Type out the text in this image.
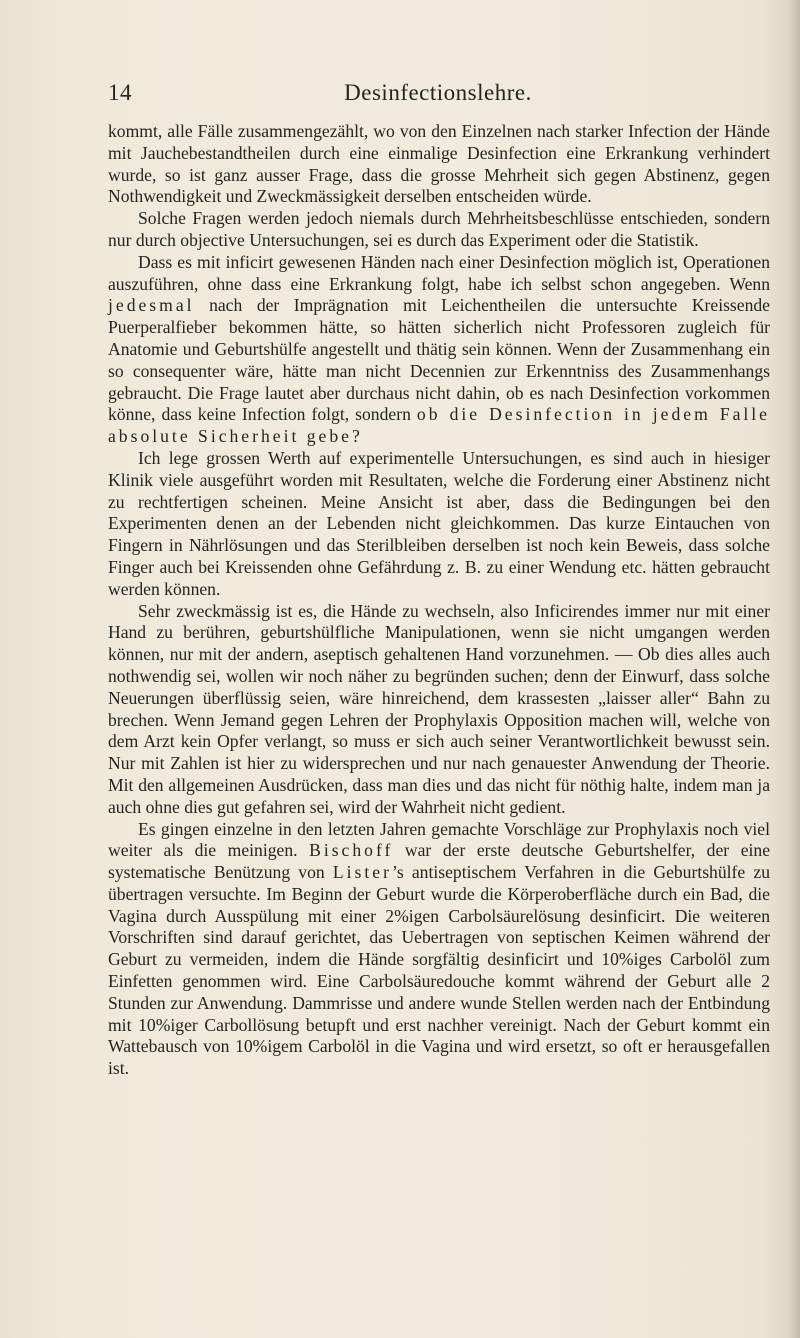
14	Desinfectionslehre.

kommt, alle Fälle zusammengezählt, wo von den Einzelnen nach starker Infection der Hände mit Jauchebestandtheilen durch eine einmalige Desinfection eine Erkrankung verhindert wurde, so ist ganz ausser Frage, dass die grosse Mehrheit sich gegen Abstinenz, gegen Nothwendigkeit und Zweckmässigkeit derselben entscheiden würde.

Solche Fragen werden jedoch niemals durch Mehrheitsbeschlüsse entschieden, sondern nur durch objective Untersuchungen, sei es durch das Experiment oder die Statistik.

Dass es mit inficirt gewesenen Händen nach einer Desinfection möglich ist, Operationen auszuführen, ohne dass eine Erkrankung folgt, habe ich selbst schon angegeben. Wenn jedesmal nach der Imprägnation mit Leichentheilen die untersuchte Kreissende Puerperalfieber bekommen hätte, so hätten sicherlich nicht Professoren zugleich für Anatomie und Geburtshülfe angestellt und thätig sein können. Wenn der Zusammenhang ein so consequenter wäre, hätte man nicht Decennien zur Erkenntniss des Zusammenhangs gebraucht. Die Frage lautet aber durchaus nicht dahin, ob es nach Desinfection vorkommen könne, dass keine Infection folgt, sondern ob die Desinfection in jedem Falle absolute Sicherheit gebe?

Ich lege grossen Werth auf experimentelle Untersuchungen, es sind auch in hiesiger Klinik viele ausgeführt worden mit Resultaten, welche die Forderung einer Abstinenz nicht zu rechtfertigen scheinen. Meine Ansicht ist aber, dass die Bedingungen bei den Experimenten denen an der Lebenden nicht gleichkommen. Das kurze Eintauchen von Fingern in Nährlösungen und das Sterilbleiben derselben ist noch kein Beweis, dass solche Finger auch bei Kreissenden ohne Gefährdung z. B. zu einer Wendung etc. hätten gebraucht werden können.

Sehr zweckmässig ist es, die Hände zu wechseln, also Inficirendes immer nur mit einer Hand zu berühren, geburtshülfliche Manipulationen, wenn sie nicht umgangen werden können, nur mit der andern, aseptisch gehaltenen Hand vorzunehmen. — Ob dies alles auch nothwendig sei, wollen wir noch näher zu begründen suchen; denn der Einwurf, dass solche Neuerungen überflüssig seien, wäre hinreichend, dem krassesten „laisser aller“ Bahn zu brechen. Wenn Jemand gegen Lehren der Prophylaxis Opposition machen will, welche von dem Arzt kein Opfer verlangt, so muss er sich auch seiner Verantwortlichkeit bewusst sein. Nur mit Zahlen ist hier zu widersprechen und nur nach genauester Anwendung der Theorie. Mit den allgemeinen Ausdrücken, dass man dies und das nicht für nöthig halte, indem man ja auch ohne dies gut gefahren sei, wird der Wahrheit nicht gedient.

Es gingen einzelne in den letzten Jahren gemachte Vorschläge zur Prophylaxis noch viel weiter als die meinigen. Bischoff war der erste deutsche Geburtshelfer, der eine systematische Benützung von Lister’s antiseptischem Verfahren in die Geburtshülfe zu übertragen versuchte. Im Beginn der Geburt wurde die Körperoberfläche durch ein Bad, die Vagina durch Ausspülung mit einer 2%igen Carbolsäurelösung desinficirt. Die weiteren Vorschriften sind darauf gerichtet, das Uebertragen von septischen Keimen während der Geburt zu vermeiden, indem die Hände sorgfältig desinficirt und 10%iges Carbolöl zum Einfetten genommen wird. Eine Carbolsäuredouche kommt während der Geburt alle 2 Stunden zur Anwendung. Dammrisse und andere wunde Stellen werden nach der Entbindung mit 10%iger Carbollösung betupft und erst nachher vereinigt. Nach der Geburt kommt ein Wattebausch von 10%igem Carbolöl in die Vagina und wird ersetzt, so oft er herausgefallen ist.
